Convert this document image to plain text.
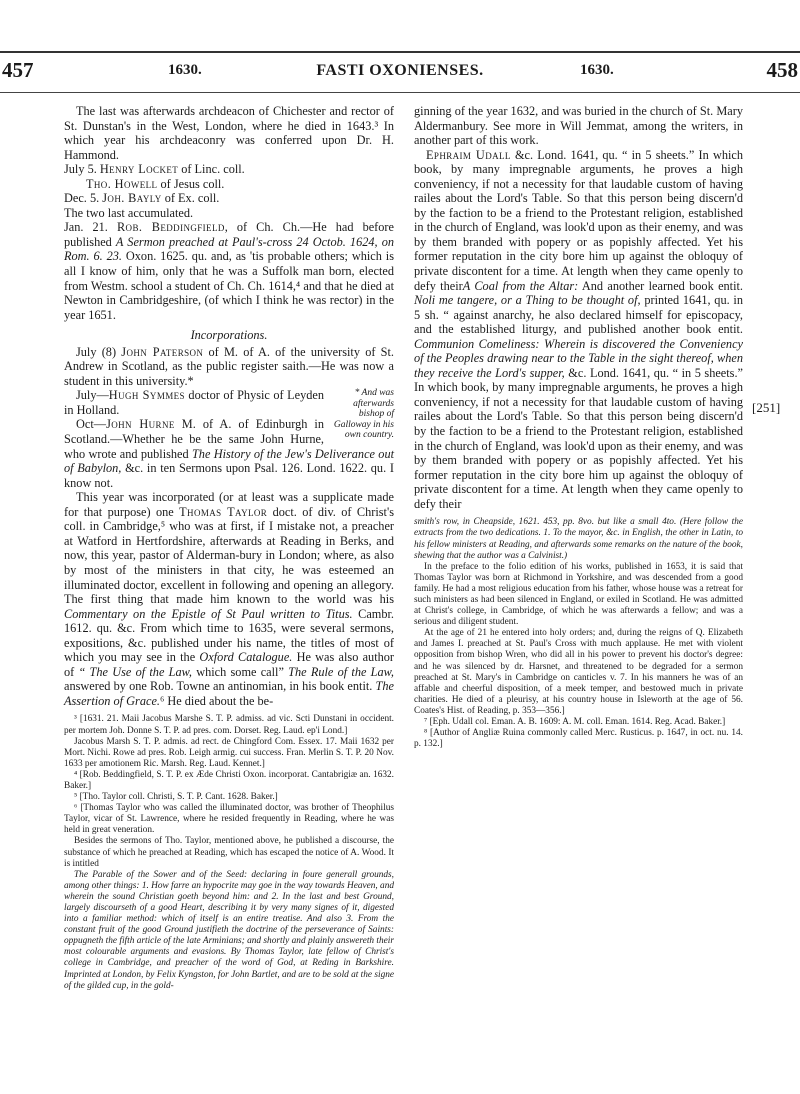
457	1630.	FASTI OXONIENSES.	1630.	458

The last was afterwards archdeacon of Chichester and rector of St. Dunstan's in the West, London, where he died in 1643.³ In which year his archdeaconry was conferred upon Dr. H. Hammond.

July 5. Henry Locket of Linc. coll.

Tho. Howell of Jesus coll.

Dec. 5. Joh. Bayly of Ex. coll.

The two last accumulated.

Jan. 21. Rob. Beddingfield, of Ch. Ch.—He had before published A Sermon preached at Paul's-cross 24 Octob. 1624, on Rom. 6. 23. Oxon. 1625. qu. and, as 'tis probable others; which is all I know of him, only that he was a Suffolk man born, elected from Westm. school a student of Ch. Ch. 1614,⁴ and that he died at Newton in Cambridgeshire, (of which I think he was rector) in the year 1651.

Incorporations.

July (8) John Paterson of M. of A. of the university of St. Andrew in Scotland, as the public register saith.—He was now a student in this university.*

* And was afterwards bishop of Galloway in his own country.
July—Hugh Symmes doctor of Physic of Leyden in Holland.

Oct—John Hurne M. of A. of Edinburgh in Scotland.—Whether he be the same John Hurne, who wrote and published The History of the Jew's Deliverance out of Babylon, &c. in ten Sermons upon Psal. 126. Lond. 1622. qu. I know not.

This year was incorporated (or at least was a supplicate made for that purpose) one Thomas Taylor doct. of div. of Christ's coll. in Cambridge,⁵ who was at first, if I mistake not, a preacher at Watford in Hertfordshire, afterwards at Reading in Berks, and now, this year, pastor of Alderman-bury in London; where, as also by most of the ministers in that city, he was esteemed an illuminated doctor, excellent in following and opening an allegory. The first thing that made him known to the world was his Commentary on the Epistle of St Paul written to Titus. Cambr. 1612. qu. &c. From which time to 1635, were several sermons, expositions, &c. published under his name, the titles of most of which you may see in the Oxford Catalogue. He was also author of “ The Use of the Law, which some call” The Rule of the Law, answered by one Rob. Towne an antinomian, in his book entit. The Assertion of Grace.⁶ He died about the be-

³ [1631. 21. Maii Jacobus Marshe S. T. P. admiss. ad vic. Scti Dunstani in occident. per mortem Joh. Donne S. T. P. ad pres. com. Dorset. Reg. Laud. ep'i Lond.]

Jacobus Marsh S. T. P. admis. ad rect. de Chingford Com. Essex. 17. Maii 1632 per Mort. Nichi. Rowe ad pres. Rob. Leigh armig. cui success. Fran. Merlin S. T. P. 20 Nov. 1633 per amotionem Ric. Marsh. Reg. Laud. Kennet.]

⁴ [Rob. Beddingfield, S. T. P. ex Æde Christi Oxon. incorporat. Cantabrigiæ an. 1632. Baker.]

⁵ [Tho. Taylor coll. Christi, S. T. P. Cant. 1628. Baker.]

⁶ [Thomas Taylor who was called the illuminated doctor, was brother of Theophilus Taylor, vicar of St. Lawrence, where he resided frequently in Reading, where he was held in great veneration.

Besides the sermons of Tho. Taylor, mentioned above, he published a discourse, the substance of which he preached at Reading, which has escaped the notice of A. Wood. It is intitled

The Parable of the Sower and of the Seed: declaring in foure generall grounds, among other things: 1. How farre an hypocrite may goe in the way towards Heaven, and wherein the sound Christian goeth beyond him: and 2. In the last and best Ground, largely discourseth of a good Heart, describing it by very many signes of it, digested into a familiar method: which of itself is an entire treatise. And also 3. From the constant fruit of the good Ground justifieth the doctrine of the perseverance of Saints: oppugneth the fifth article of the late Arminians; and shortly and plainly answereth their most colourable arguments and evasions. By Thomas Taylor, late fellow of Christ's college in Cambridge, and preacher of the word of God, at Reding in Barkshire. Imprinted at London, by Felix Kyngston, for John Bartlet, and are to be sold at the signe of the gilded cup, in the gold-

ginning of the year 1632, and was buried in the church of St. Mary Aldermanbury. See more in Will Jemmat, among the writers, in another part of this work.

Ephraim Udall &c. Lond. 1641, qu. “ in 5 sheets.” In which book, by many impregnable arguments, he proves a high conveniency, if not a necessity for that laudable custom of having railes about the Lord's Table. So that this person being discern'd by the faction to be a friend to the Protestant religion, established in the church of England, was look'd upon as their enemy, and was by them branded with popery or as popishly affected. Yet his former reputation in the city bore him up against the obloquy of private discontent for a time. At length when they came openly to defy theirA Coal from the Altar: And another learned book entit. Noli me tangere, or a Thing to be thought of, printed 1641, qu. in 5 sh. “ against anarchy, he also declared himself for episcopacy, and the established liturgy, and published another book entit. Communion Comeliness: Wherein is discovered the Conveniency of the Peoples drawing near to the Table in the sight thereof, when they receive the Lord's supper, &c. Lond. 1641, qu. “ in 5 sheets.” In which book, by many impregnable arguments, he proves a high conveniency, if not a necessity for that laudable custom of having railes about the Lord's Table. So that this person being discern'd by the faction to be a friend to the Protestant religion, established in the church of England, was look'd upon as their enemy, and was by them branded with popery or as popishly affected. Yet his former reputation in the city bore him up against the obloquy of private discontent for a time. At length when they came openly to defy their

smith's row, in Cheapside, 1621. 453, pp. 8vo. but like a small 4to. (Here follow the extracts from the two dedications. 1. To the mayor, &c. in English, the other in Latin, to his fellow ministers at Reading, and afterwards some remarks on the nature of the book, shewing that the author was a Calvinist.)

In the preface to the folio edition of his works, published in 1653, it is said that Thomas Taylor was born at Richmond in Yorkshire, and was descended from a good family. He had a most religious education from his father, whose house was a retreat for such ministers as had been silenced in England, or exiled in Scotland. He was admitted at Christ's college, in Cambridge, of which he was afterwards a fellow; and was a serious and diligent student.

At the age of 21 he entered into holy orders; and, during the reigns of Q. Elizabeth and James I. preached at St. Paul's Cross with much applause. He met with violent opposition from bishop Wren, who did all in his power to prevent his doctor's degree: and he was silenced by dr. Harsnet, and threatened to be degraded for a sermon preached at St. Mary's in Cambridge on canticles v. 7. In his manners he was of an affable and cheerful disposition, of a meek temper, and bestowed much in private charities. He died of a pleurisy, at his country house in Isleworth at the age of 56. Coates's Hist. of Reading, p. 353—356.]

⁷ [Eph. Udall col. Eman. A. B. 1609: A. M. coll. Eman. 1614. Reg. Acad. Baker.]

⁸ [Author of Angliæ Ruina commonly called Merc. Rusticus. p. 1647, in oct. nu. 14. p. 132.]

[251]
